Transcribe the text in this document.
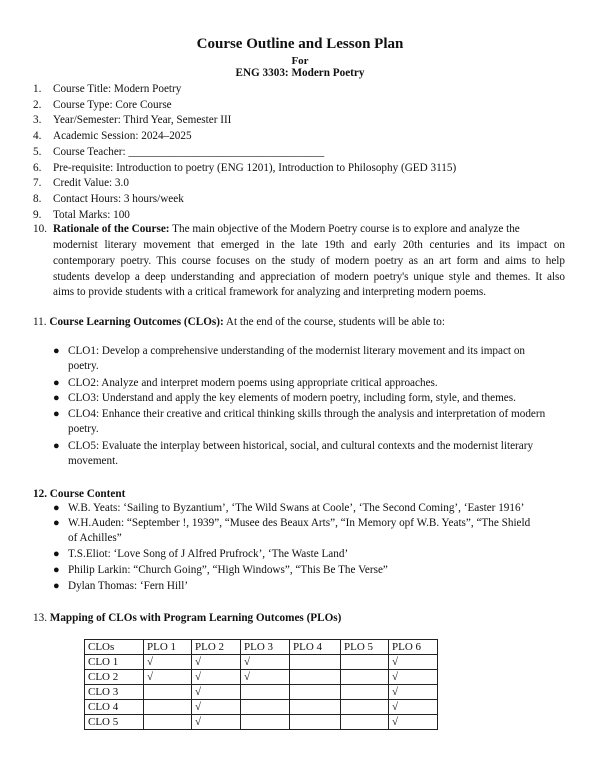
Course Outline and Lesson Plan
For
ENG 3303: Modern Poetry
1.	Course Title: Modern Poetry
2.	Course Type: Core Course
3.	Year/Semester: Third Year, Semester III
4.	Academic Session: 2024–2025
5.	Course Teacher: ___________________________________
6.	Pre-requisite: Introduction to poetry (ENG 1201), Introduction to Philosophy (GED 3115)
7.	Credit Value: 3.0
8.	Contact Hours: 3 hours/week
9.	Total Marks: 100
10. Rationale of the Course: The main objective of the Modern Poetry course is to explore and analyze the
modernist literary movement that emerged in the late 19th and early 20th centuries and its impact on
contemporary poetry. This course focuses on the study of modern poetry as an art form and aims to help
students develop a deep understanding and appreciation of modern poetry's unique style and themes. It also
aims to provide students with a critical framework for analyzing and interpreting modern poems.
11. Course Learning Outcomes (CLOs): At the end of the course, students will be able to:
● CLO1: Develop a comprehensive understanding of the modernist literary movement and its impact on
poetry.
● CLO2: Analyze and interpret modern poems using appropriate critical approaches.
● CLO3: Understand and apply the key elements of modern poetry, including form, style, and themes.
● CLO4: Enhance their creative and critical thinking skills through the analysis and interpretation of modern
poetry.
● CLO5: Evaluate the interplay between historical, social, and cultural contexts and the modernist literary
movement.
12. Course Content
● W.B. Yeats: ‘Sailing to Byzantium’, ‘The Wild Swans at Coole’, ‘The Second Coming’, ‘Easter 1916’
● W.H.Auden: “September !, 1939”, “Musee des Beaux Arts”, “In Memory opf W.B. Yeats”, “The Shield
of Achilles”
● T.S.Eliot: ‘Love Song of J Alfred Prufrock’, ‘The Waste Land’
● Philip Larkin: “Church Going”, “High Windows”, “This Be The Verse”
● Dylan Thomas: ‘Fern Hill’
13. Mapping of CLOs with Program Learning Outcomes (PLOs)
CLOs	PLO 1	PLO 2	PLO 3	PLO 4	PLO 5	PLO 6
CLO 1	√	√	√			√
CLO 2	√	√	√			√
CLO 3		√				√
CLO 4		√				√
CLO 5		√				√
